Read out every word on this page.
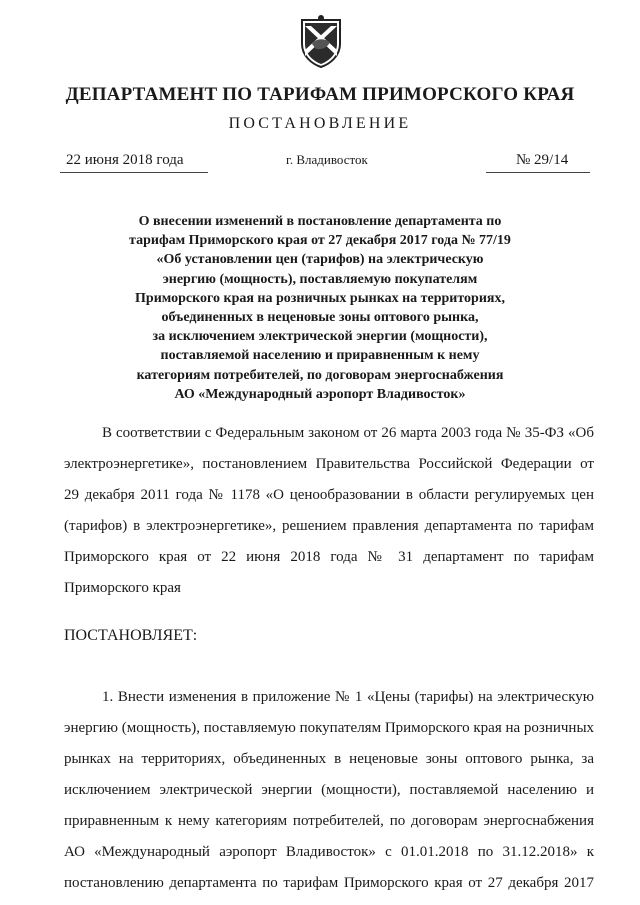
ДЕПАРТАМЕНТ ПО ТАРИФАМ ПРИМОРСКОГО КРАЯ
ПОСТАНОВЛЕНИЕ
22 июня 2018 года	г. Владивосток	№ 29/14
О внесении изменений в постановление департамента по
тарифам Приморского края от 27 декабря 2017 года № 77/19
«Об установлении цен (тарифов) на электрическую
энергию (мощность), поставляемую покупателям
Приморского края на розничных рынках на территориях,
объединенных в неценовые зоны оптового рынка,
за исключением электрической энергии (мощности),
поставляемой населению и приравненным к нему
категориям потребителей, по договорам энергоснабжения
АО «Международный аэропорт Владивосток»
В соответствии с Федеральным законом от 26 марта 2003 года № 35-ФЗ «Об
электроэнергетике», постановлением Правительства Российской Федерации от
29 декабря 2011 года № 1178 «О ценообразовании в области регулируемых цен
(тарифов) в электроэнергетике», решением правления департамента по тарифам
Приморского края от 22 июня 2018 года № 31 департамент по тарифам
Приморского края
ПОСТАНОВЛЯЕТ:
1. Внести изменения в приложение № 1 «Цены (тарифы) на электрическую
энергию (мощность), поставляемую покупателям Приморского края на розничных
рынках на территориях, объединенных в неценовые зоны оптового рынка, за
исключением электрической энергии (мощности), поставляемой населению и
приравненным к нему категориям потребителей, по договорам энергоснабжения
АО «Международный аэропорт Владивосток» с 01.01.2018 по 31.12.2018» к
постановлению департамента по тарифам Приморского края от 27 декабря 2017
